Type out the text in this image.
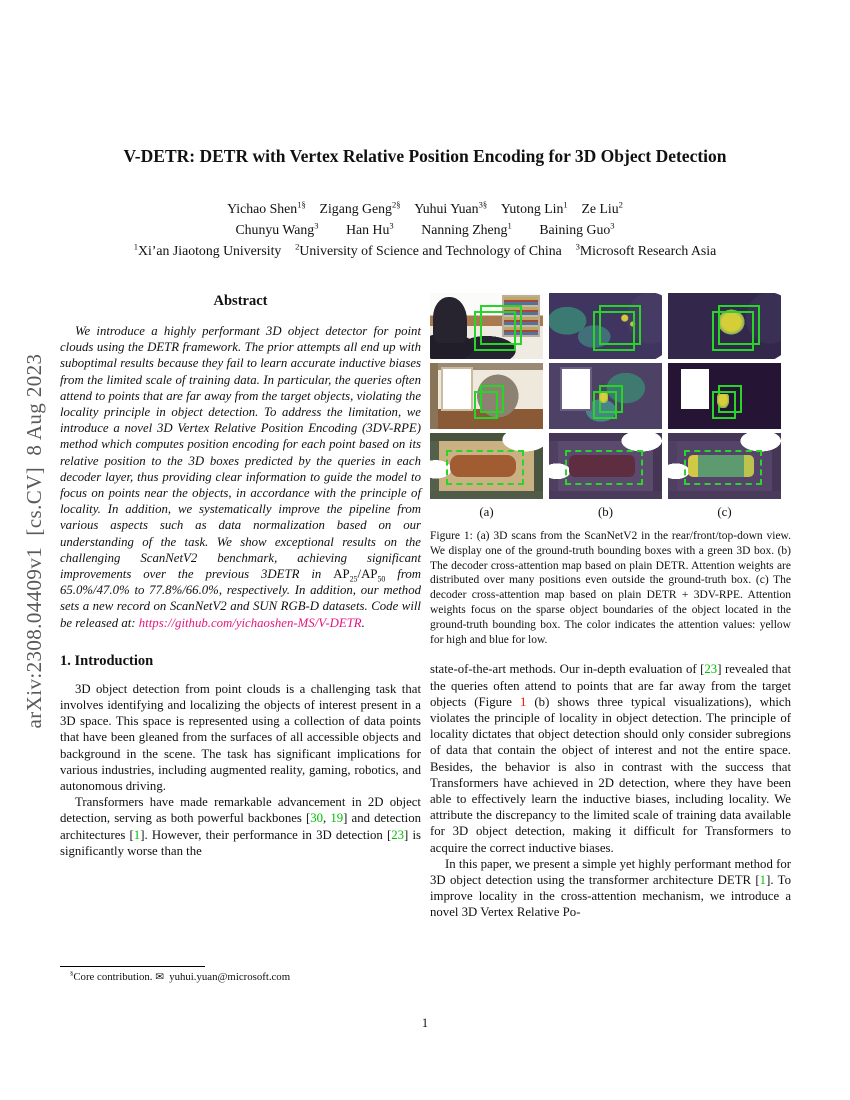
arXiv:2308.04409v1  [cs.CV]  8 Aug 2023
V-DETR: DETR with Vertex Relative Position Encoding for 3D Object Detection
Yichao Shen$^{1\S}$ Zigang Geng$^{2\S}$ Yuhui Yuan$^{3\S}$ Yutong Lin$^1$ Ze Liu$^2$
Chunyu Wang$^3$ Han Hu$^3$ Nanning Zheng$^1$ Baining Guo$^3$
$^1$Xi’an Jiaotong University $^2$University of Science and Technology of China $^3$Microsoft Research Asia
Abstract

We introduce a highly performant 3D object detector for point clouds using the DETR framework. The prior attempts all end up with suboptimal results because they fail to learn accurate inductive biases from the limited scale of training data. In particular, the queries often attend to points that are far away from the target objects, violating the locality principle in object detection. To address the limitation, we introduce a novel 3D Vertex Relative Position Encoding (3DV-RPE) method which computes position encoding for each point based on its relative position to the 3D boxes predicted by the queries in each decoder layer, thus providing clear information to guide the model to focus on points near the objects, in accordance with the principle of locality. In addition, we systematically improve the pipeline from various aspects such as data normalization based on our understanding of the task. We show exceptional results on the challenging ScanNetV2 benchmark, achieving significant improvements over the previous 3DETR in $AP_{25}/AP_{50}$ from 65.0%/47.0% to 77.8%/66.0%, respectively. In addition, our method sets a new record on ScanNetV2 and SUN RGB-D datasets. Code will be released at: https://github.com/yichaoshen-MS/V-DETR.

1. Introduction

3D object detection from point clouds is a challenging task that involves identifying and localizing the objects of interest present in a 3D space. This space is represented using a collection of data points that have been gleaned from the surfaces of all accessible objects and background in the scene. The task has significant implications for various industries, including augmented reality, gaming, robotics, and autonomous driving.

Transformers have made remarkable advancement in 2D object detection, serving as both powerful backbones [30, 19] and detection architectures [1]. However, their performance in 3D detection [23] is significantly worse than the

§Core contribution. ✉  yuhui.yuan@microsoft.com

(a)	(b)	(c)
Figure 1: (a) 3D scans from the ScanNetV2 in the rear/front/top-down view. We display one of the ground-truth bounding boxes with a green 3D box. (b) The decoder cross-attention map based on plain DETR. Attention weights are distributed over many positions even outside the ground-truth box. (c) The decoder cross-attention map based on plain DETR + 3DV-RPE. Attention weights focus on the sparse object boundaries of the object located in the ground-truth bounding box. The color indicates the attention values: yellow for high and blue for low.

state-of-the-art methods. Our in-depth evaluation of [23] revealed that the queries often attend to points that are far away from the target objects (Figure 1 (b) shows three typical visualizations), which violates the principle of locality in object detection. The principle of locality dictates that object detection should only consider subregions of data that contain the object of interest and not the entire space. Besides, the behavior is also in contrast with the success that Transformers have achieved in 2D detection, where they have been able to effectively learn the inductive biases, including locality. We attribute the discrepancy to the limited scale of training data available for 3D object detection, making it difficult for Transformers to acquire the correct inductive biases.

In this paper, we present a simple yet highly performant method for 3D object detection using the transformer architecture DETR [1]. To improve locality in the cross-attention mechanism, we introduce a novel 3D Vertex Relative Po-

1
